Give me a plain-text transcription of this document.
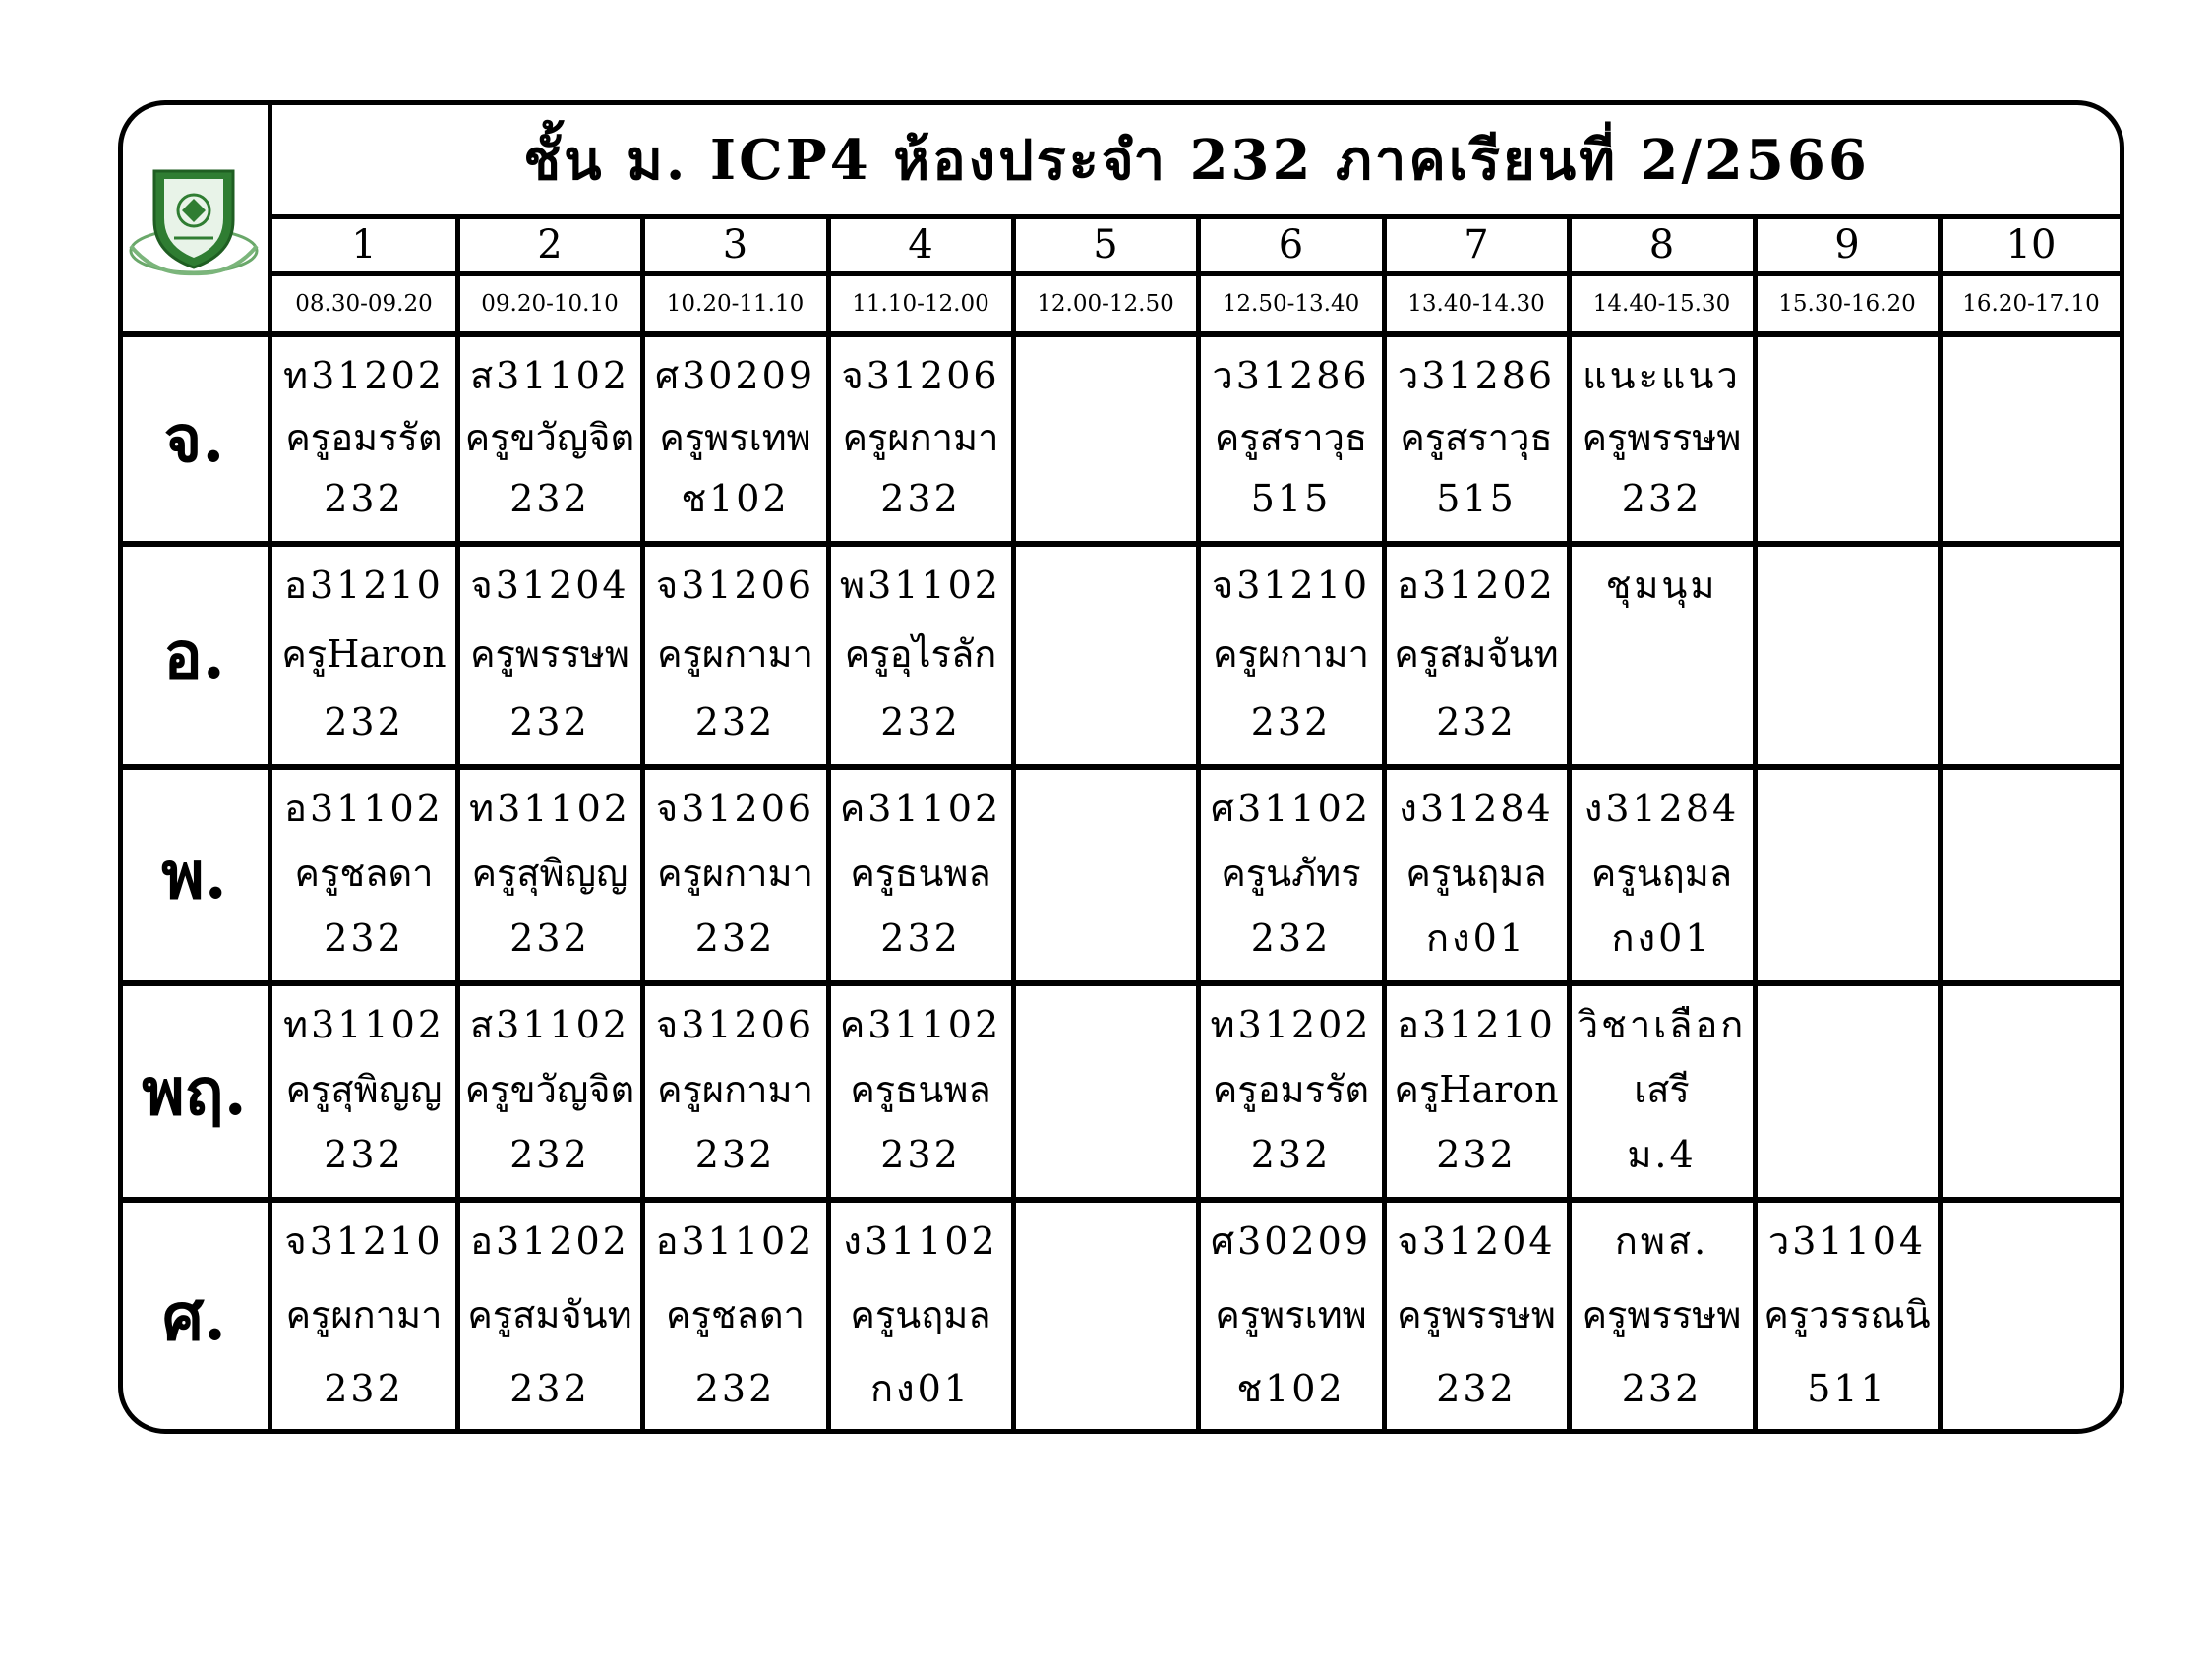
ชั้น ม. ICP4 ห้องประจำ 232 ภาคเรียนที่ 2/2566
1
08.30-09.20
2
09.20-10.10
3
10.20-11.10
4
11.10-12.00
5
12.00-12.50
6
12.50-13.40
7
13.40-14.30
8
14.40-15.30
9
15.30-16.20
10
16.20-17.10
จ.
ท31202
ครูอมรรัต
232
ส31102
ครูขวัญจิต
232
ศ30209
ครูพรเทพ
ช102
จ31206
ครูผกามา
232
ว31286
ครูสราวุธ
515
ว31286
ครูสราวุธ
515
แนะแนว
ครูพรรษพ
232
อ.
อ31210
ครูHaron
232
จ31204
ครูพรรษพ
232
จ31206
ครูผกามา
232
พ31102
ครูอุไรลัก
232
จ31210
ครูผกามา
232
อ31202
ครูสมจันท
232
ชุมนุม
พ.
อ31102
ครูชลดา
232
ท31102
ครูสุพิญญ
232
จ31206
ครูผกามา
232
ค31102
ครูธนพล
232
ศ31102
ครูนภัทร
232
ง31284
ครูนฤมล
กง01
ง31284
ครูนฤมล
กง01
พฤ.
ท31102
ครูสุพิญญ
232
ส31102
ครูขวัญจิต
232
จ31206
ครูผกามา
232
ค31102
ครูธนพล
232
ท31202
ครูอมรรัต
232
อ31210
ครูHaron
232
วิชาเลือก
เสรี
ม.4
ศ.
จ31210
ครูผกามา
232
อ31202
ครูสมจันท
232
อ31102
ครูชลดา
232
ง31102
ครูนฤมล
กง01
ศ30209
ครูพรเทพ
ช102
จ31204
ครูพรรษพ
232
กพส.
ครูพรรษพ
232
ว31104
ครูวรรณนิ
511
